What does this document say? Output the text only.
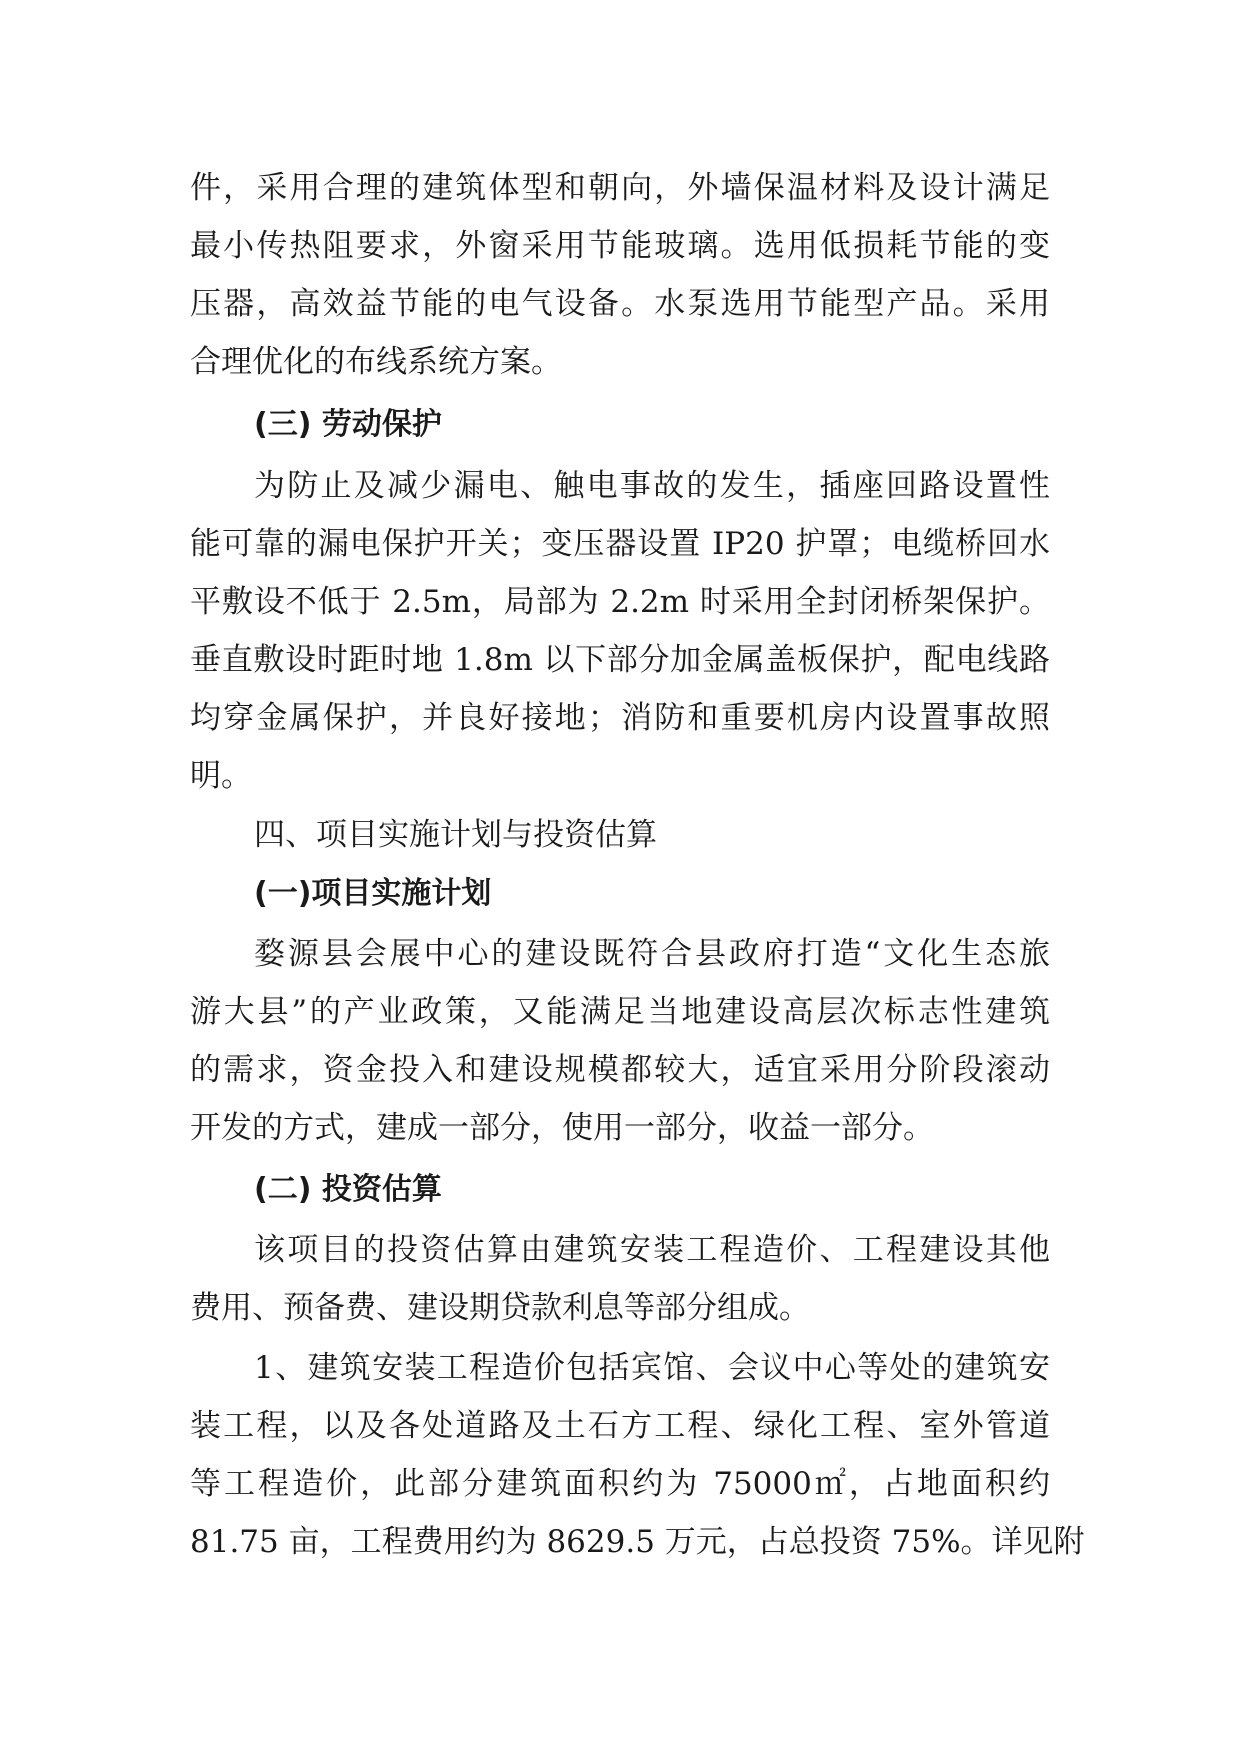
件，采用合理的建筑体型和朝向，外墙保温材料及设计满足
最小传热阻要求，外窗采用节能玻璃。选用低损耗节能的变
压器，高效益节能的电气设备。水泵选用节能型产品。采用
合理优化的布线系统方案。
(三) 劳动保护
为防止及减少漏电、触电事故的发生，插座回路设置性
能可靠的漏电保护开关；变压器设置 IP20 护罩；电缆桥回水
平敷设不低于 2.5m，局部为 2.2m 时采用全封闭桥架保护。
垂直敷设时距时地 1.8m 以下部分加金属盖板保护，配电线路
均穿金属保护，并良好接地；消防和重要机房内设置事故照
明。
四、项目实施计划与投资估算
(一)项目实施计划
婺源县会展中心的建设既符合县政府打造“文化生态旅
游大县”的产业政策，又能满足当地建设高层次标志性建筑
的需求，资金投入和建设规模都较大，适宜采用分阶段滚动
开发的方式，建成一部分，使用一部分，收益一部分。
(二) 投资估算
该项目的投资估算由建筑安装工程造价、工程建设其他
费用、预备费、建设期贷款利息等部分组成。
1、建筑安装工程造价包括宾馆、会议中心等处的建筑安
装工程，以及各处道路及土石方工程、绿化工程、室外管道
等工程造价，此部分建筑面积约为 75000㎡，占地面积约
81.75 亩，工程费用约为 8629.5 万元，占总投资 75%。详见附
